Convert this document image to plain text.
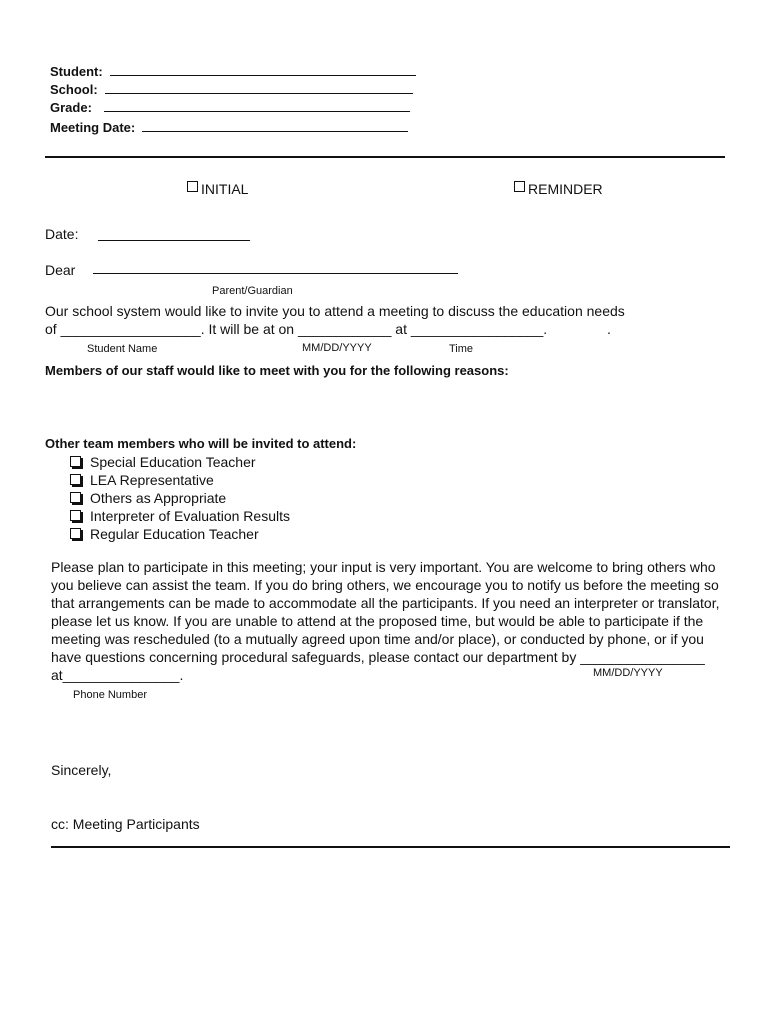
Student:
School:
Grade:
Meeting Date:
INITIAL	REMINDER
Date:
Dear
Parent/Guardian
Our school system would like to invite you to attend a meeting to discuss the education needs
of __________________. It will be at on ____________ at _________________.	.
Student Name	MM/DD/YYYY	Time
Members of our staff would like to meet with you for the following reasons:
Other team members who will be invited to attend:
Special Education Teacher
LEA Representative
Others as Appropriate
Interpreter of Evaluation Results
Regular Education Teacher
Please plan to participate in this meeting; your input is very important. You are welcome to bring others who
you believe can assist the team. If you do bring others, we encourage you to notify us before the meeting so
that arrangements can be made to accommodate all the participants. If you need an interpreter or translator,
please let us know. If you are unable to attend at the proposed time, but would be able to participate if the
meeting was rescheduled (to a mutually agreed upon time and/or place), or conducted by phone, or if you
have questions concerning procedural safeguards, please contact our department by ________________
at_______________.	MM/DD/YYYY
Phone Number
Sincerely,
cc: Meeting Participants
